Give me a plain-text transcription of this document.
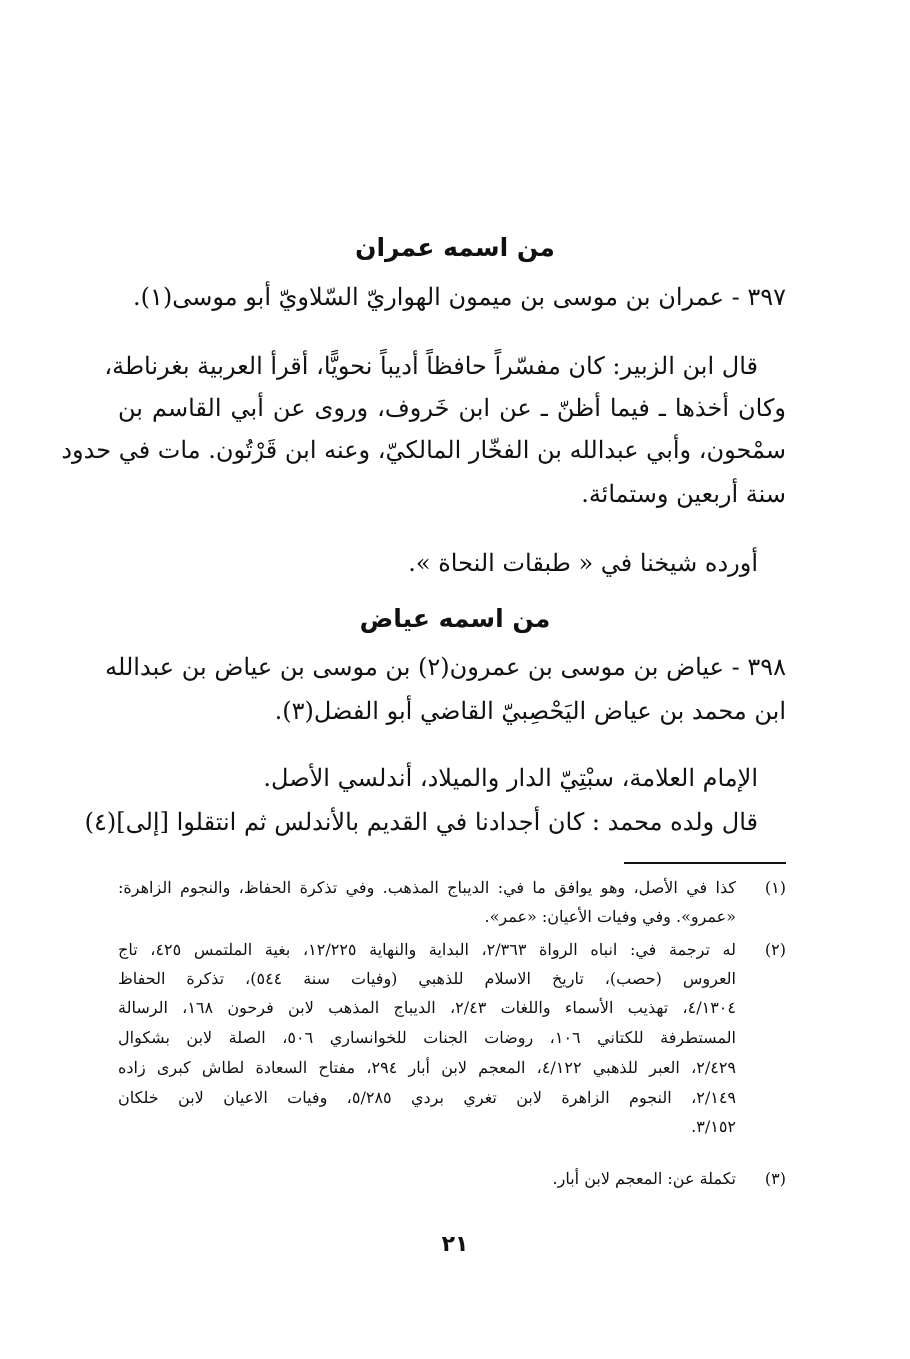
من اسمه عمران
٣٩٧ - عمران بن موسى بن ميمون الهواريّ السّلاويّ أبو موسى(١).
قال ابن الزبير: كان مفسّراً حافظاً أديباً نحويًّا، أقرأ العربية بغرناطة،
وكان أخذها ـ فيما أظنّ ـ عن ابن خَروف، وروى عن أبي القاسم بن
سمْحون، وأبي عبدالله بن الفخّار المالكيّ، وعنه ابن قَرْتُون. مات في حدود
سنة أربعين وستمائة.
أورده شيخنا في « طبقات النحاة ».
من اسمه عياض
٣٩٨ - عياض بن موسى بن عمرون(٢) بن موسى بن عياض بن عبدالله
ابن محمد بن عياض اليَحْصِبيّ القاضي أبو الفضل(٣).
الإمام العلامة، سبْتِيّ الدار والميلاد، أندلسي الأصل.
قال ولده محمد : كان أجدادنا في القديم بالأندلس ثم انتقلوا [إلى](٤)
(١)
كذا في الأصل، وهو يوافق ما في: الديباج المذهب. وفي تذكرة الحفاظ، والنجوم الزاهرة:
«عمرو». وفي وفيات الأعيان: «عمر».
(٢)
له ترجمة في: انباه الرواة ٢/٣٦٣، البداية والنهاية ١٢/٢٢٥، بغية الملتمس ٤٢٥، تاج
العروس (حصب)، تاريخ الاسلام للذهبي (وفيات سنة ٥٤٤)، تذكرة الحفاظ
٤/١٣٠٤، تهذيب الأسماء واللغات ٢/٤٣، الديباج المذهب لابن فرحون ١٦٨، الرسالة
المستطرفة للكتاني ١٠٦، روضات الجنات للخوانساري ٥٠٦، الصلة لابن بشكوال
٢/٤٢٩، العبر للذهبي ٤/١٢٢، المعجم لابن أبار ٢٩٤، مفتاح السعادة لطاش كبرى زاده
٢/١٤٩، النجوم الزاهرة لابن تغري بردي ٥/٢٨٥، وفيات الاعيان لابن خلكان
٣/١٥٢.
(٣)
تكملة عن: المعجم لابن أبار.
٢١
